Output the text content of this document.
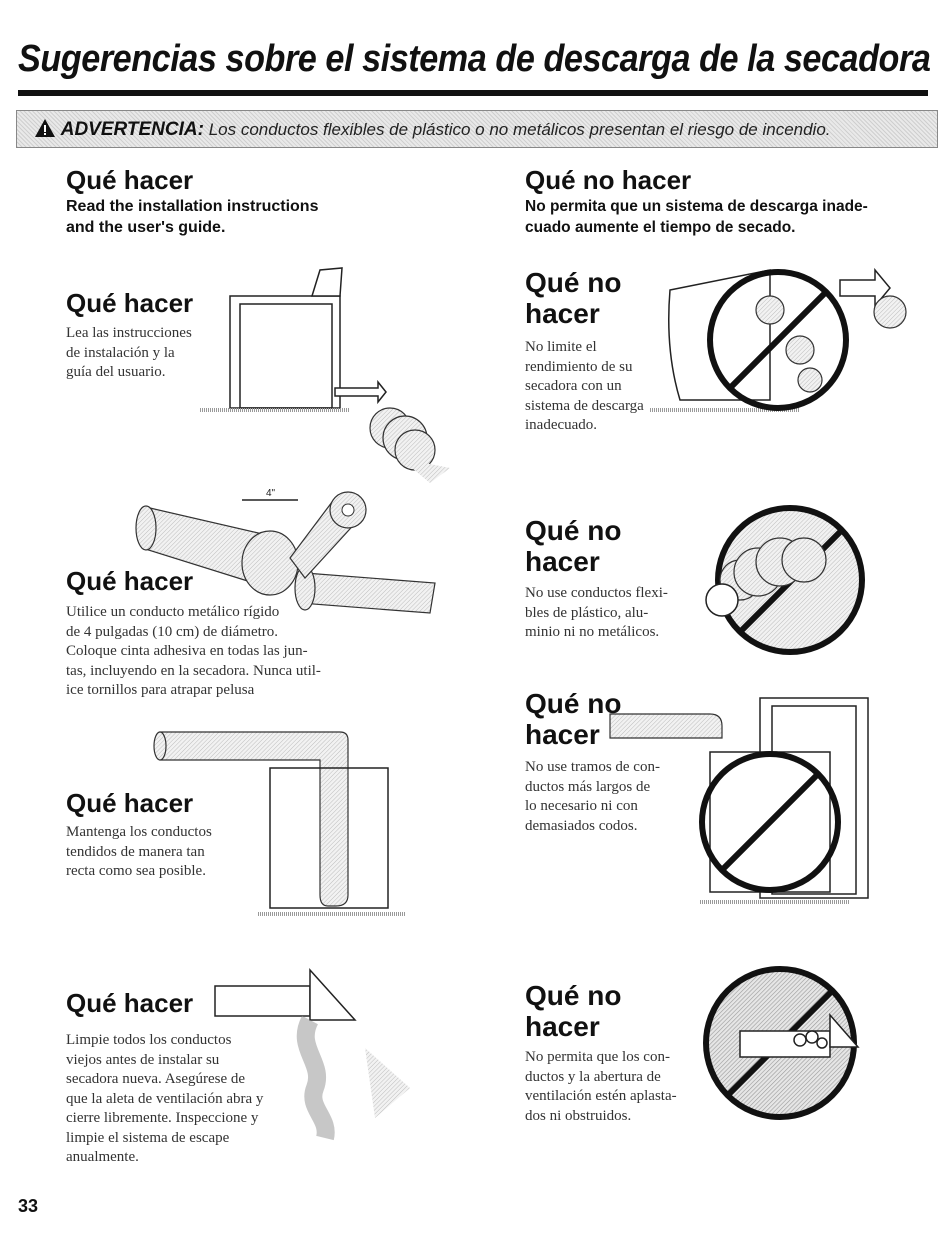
Sugerencias sobre el sistema de descarga de la secadora
ADVERTENCIA: Los conductos flexibles de plástico o no metálicos presentan el riesgo de incendio.
Qué hacer
Read the installation instructions
and the user's guide.
Qué no hacer
No permita que un sistema de descarga inade-
cuado aumente el tiempo de secado.
Qué hacer
Lea las instrucciones
de instalación y la
guía del usuario.
4"
Qué hacer
Utilice un conducto metálico rígido
de 4 pulgadas (10 cm) de diámetro.
Coloque cinta adhesiva en todas las jun-
tas, incluyendo en la secadora. Nunca util-
ice tornillos para atrapar pelusa
Qué hacer
Mantenga los conductos
tendidos de manera tan
recta como sea posible.
Qué hacer
Limpie todos los conductos
viejos antes de instalar su
secadora nueva. Asegúrese de
que la aleta de ventilación abra y
cierre libremente. Inspeccione y
limpie el sistema de escape
anualmente.
Qué no
hacer
No limite el
rendimiento de su
secadora con un
sistema de descarga
inadecuado.
Qué no
hacer
No use conductos flexi-
bles de plástico, alu-
minio ni no metálicos.
Qué no
hacer
No use tramos de con-
ductos más largos de
lo necesario ni con
demasiados codos.
Qué no
hacer
No permita que los con-
ductos y la abertura de
ventilación estén aplasta-
dos ni obstruidos.
33
